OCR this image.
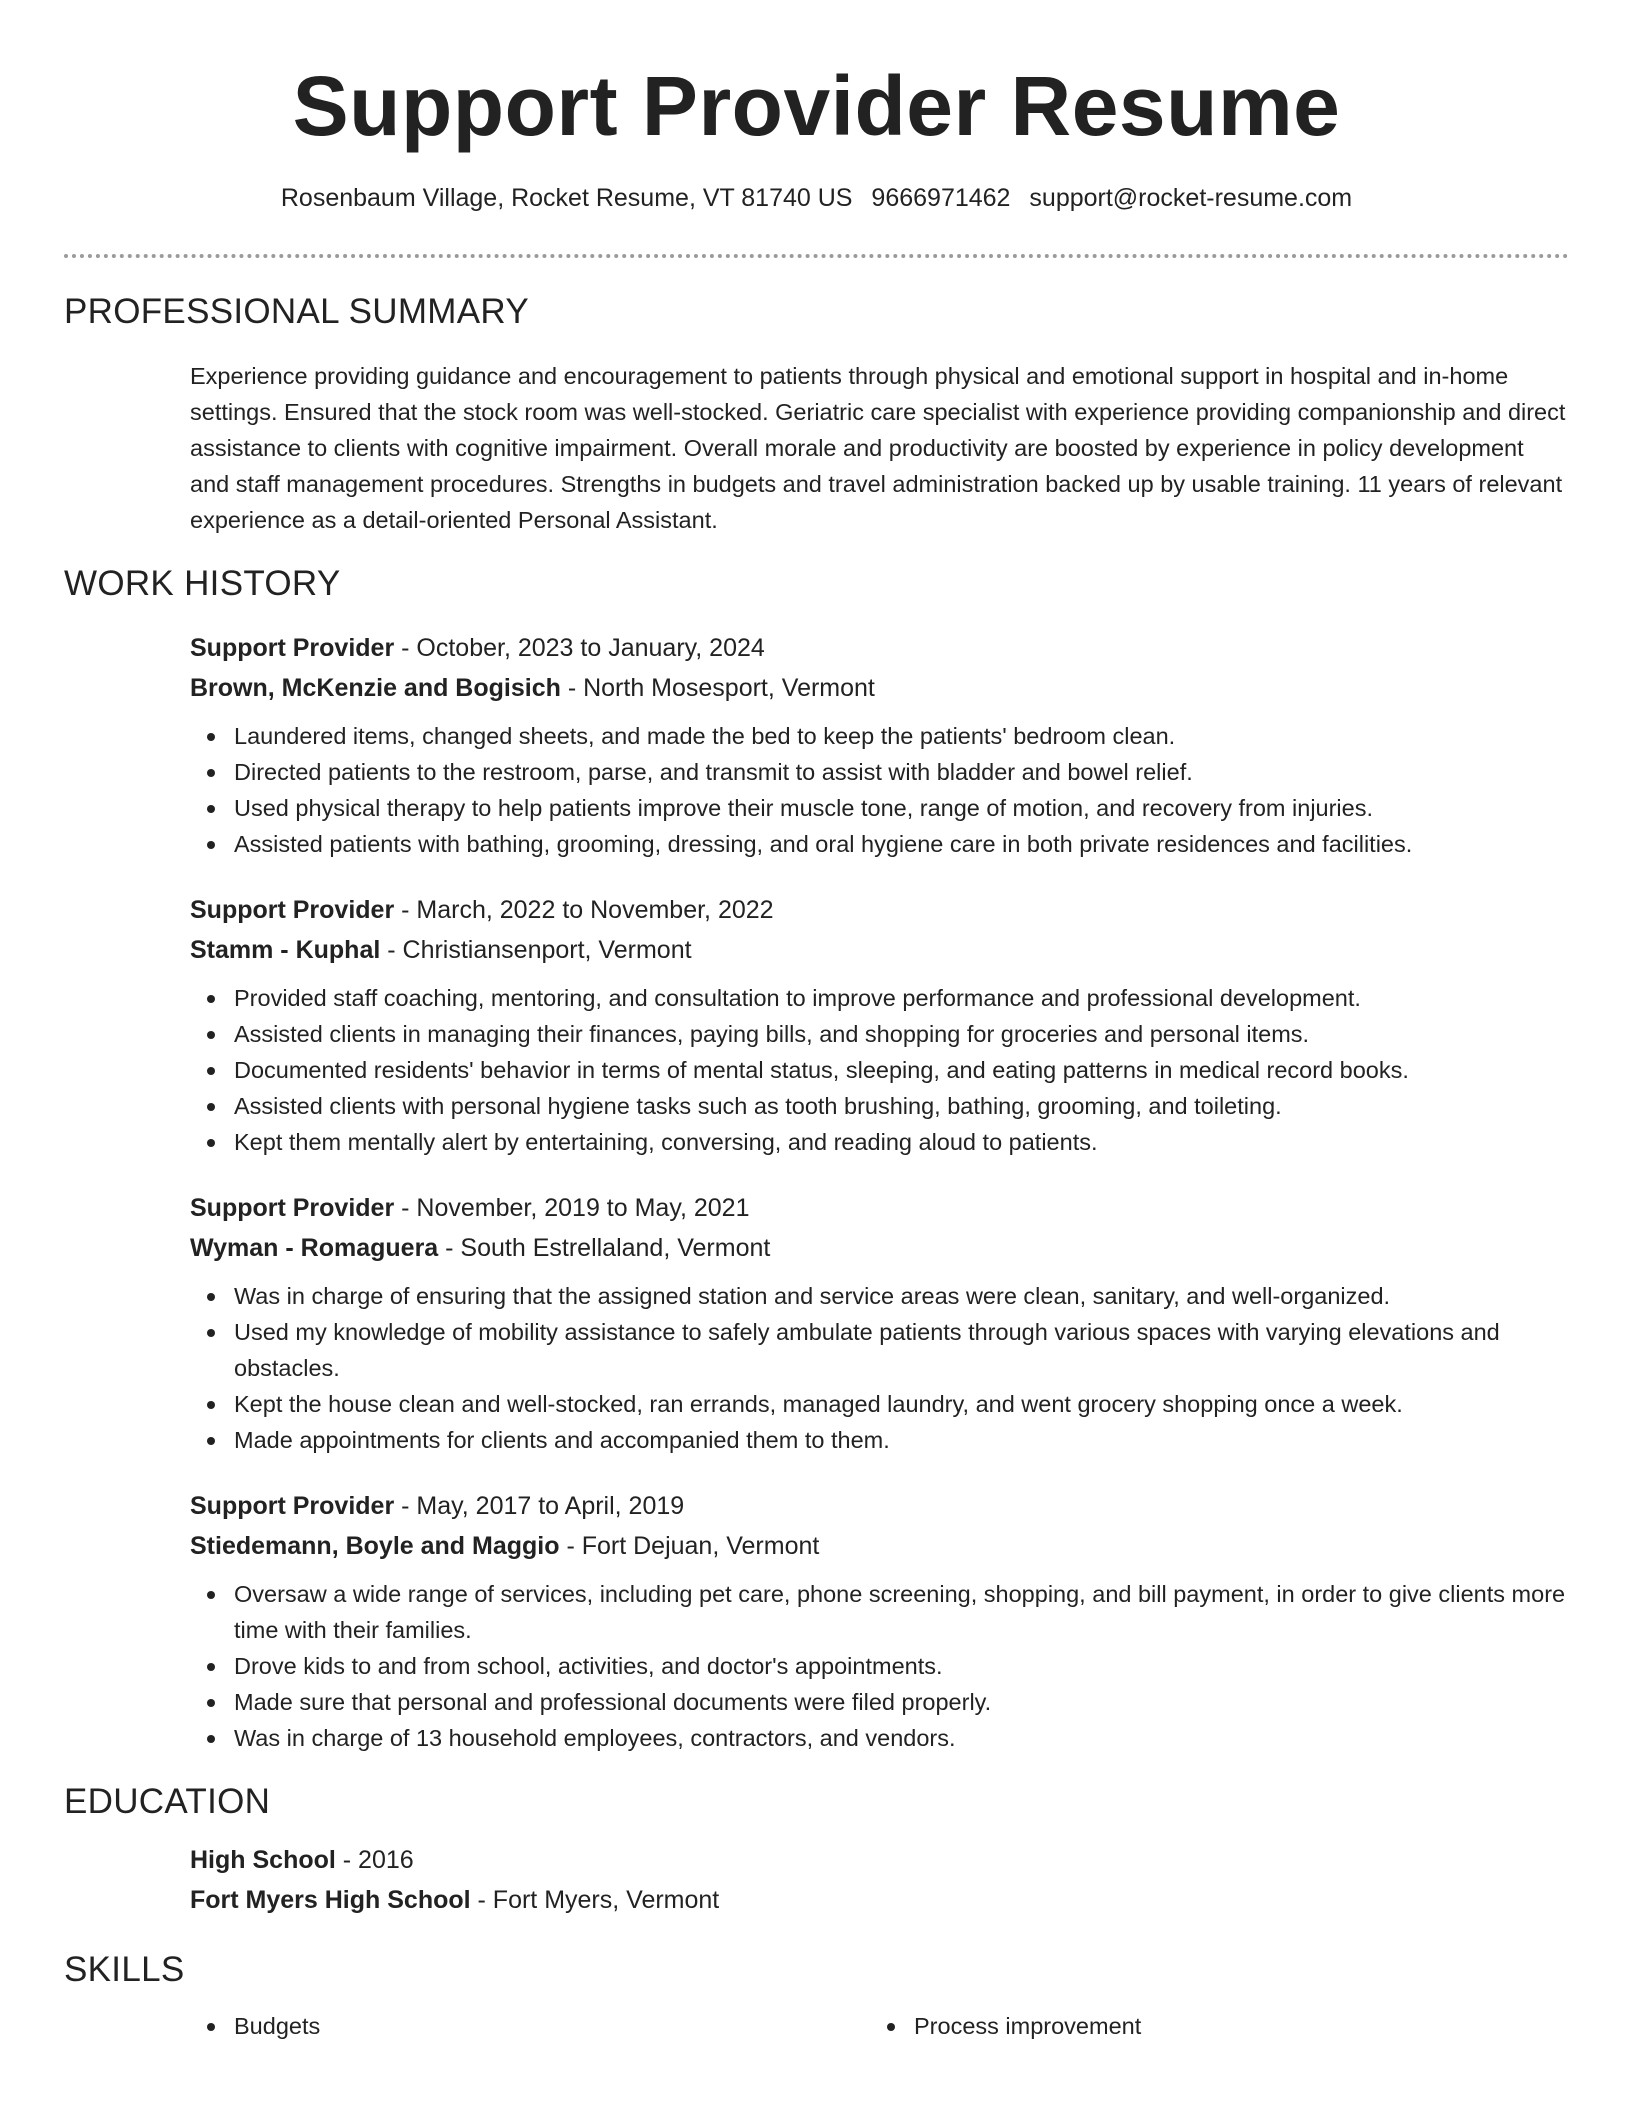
Support Provider Resume
Rosenbaum Village, Rocket Resume, VT 81740 US 9666971462 support@rocket-resume.com
PROFESSIONAL SUMMARY

Experience providing guidance and encouragement to patients through physical and emotional support in hospital and in-home settings. Ensured that the stock room was well-stocked. Geriatric care specialist with experience providing companionship and direct assistance to clients with cognitive impairment. Overall morale and productivity are boosted by experience in policy development and staff management procedures. Strengths in budgets and travel administration backed up by usable training. 11 years of relevant experience as a detail-oriented Personal Assistant.

WORK HISTORY
Support Provider - October, 2023 to January, 2024
Brown, McKenzie and Bogisich - North Mosesport, Vermont
Laundered items, changed sheets, and made the bed to keep the patients' bedroom clean.
Directed patients to the restroom, parse, and transmit to assist with bladder and bowel relief.
Used physical therapy to help patients improve their muscle tone, range of motion, and recovery from injuries.
Assisted patients with bathing, grooming, dressing, and oral hygiene care in both private residences and facilities.
Support Provider - March, 2022 to November, 2022
Stamm - Kuphal - Christiansenport, Vermont
Provided staff coaching, mentoring, and consultation to improve performance and professional development.
Assisted clients in managing their finances, paying bills, and shopping for groceries and personal items.
Documented residents' behavior in terms of mental status, sleeping, and eating patterns in medical record books.
Assisted clients with personal hygiene tasks such as tooth brushing, bathing, grooming, and toileting.
Kept them mentally alert by entertaining, conversing, and reading aloud to patients.
Support Provider - November, 2019 to May, 2021
Wyman - Romaguera - South Estrellaland, Vermont
Was in charge of ensuring that the assigned station and service areas were clean, sanitary, and well-organized.
Used my knowledge of mobility assistance to safely ambulate patients through various spaces with varying elevations and obstacles.
Kept the house clean and well-stocked, ran errands, managed laundry, and went grocery shopping once a week.
Made appointments for clients and accompanied them to them.
Support Provider - May, 2017 to April, 2019
Stiedemann, Boyle and Maggio - Fort Dejuan, Vermont
Oversaw a wide range of services, including pet care, phone screening, shopping, and bill payment, in order to give clients more time with their families.
Drove kids to and from school, activities, and doctor's appointments.
Made sure that personal and professional documents were filed properly.
Was in charge of 13 household employees, contractors, and vendors.
EDUCATION
High School - 2016
Fort Myers High School - Fort Myers, Vermont
SKILLS
Budgets	Process improvement
